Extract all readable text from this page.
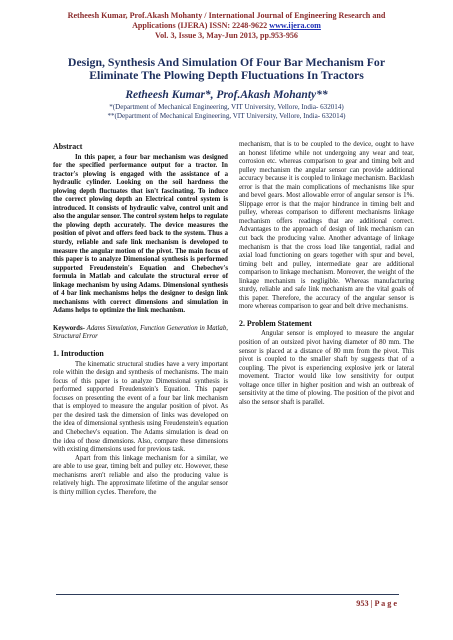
Retheesh Kumar, Prof.Akash Mohanty / International Journal of Engineering Research and
Applications (IJERA) ISSN: 2248-9622 www.ijera.com
Vol. 3, Issue 3, May-Jun 2013, pp.953-956
Design, Synthesis And Simulation Of Four Bar Mechanism For
Eliminate The Plowing Depth Fluctuations In Tractors
Retheesh Kumar*, Prof.Akash Mohanty**
*(Department of Mechanical Engineering, VIT University, Vellore, India- 632014)
**(Department of Mechanical Engineering, VIT University, Vellore, India- 632014)
Abstract

In this paper, a four bar mechanism was designed for the specified performance output for a tractor. In tractor's plowing is engaged with the assistance of a hydraulic cylinder. Looking on the soil hardness the plowing depth fluctuates that isn't fascinating. To induce the correct plowing depth an Electrical control system is introduced. It consists of hydraulic valve, control unit and also the angular sensor. The control system helps to regulate the plowing depth accurately. The device measures the position of pivot and offers feed back to the system. Thus a sturdy, reliable and safe link mechanism is developed to measure the angular motion of the pivot. The main focus of this paper is to analyze Dimensional synthesis is performed supported Freudenstein's Equation and Chebechev's formula in Matlab and calculate the structural error of linkage mechanism by using Adams. Dimensional synthesis of 4 bar link mechanisms helps the designer to design link mechanisms with correct dimensions and simulation in Adams helps to optimize the link mechanism.

Keywords- Adams Simulation, Function Generation in Matlab, Structural Error

1. Introduction

The kinematic structural studies have a very important role within the design and synthesis of mechanisms. The main focus of this paper is to analyze Dimensional synthesis is performed supported Freudenstein's Equation. This paper focuses on presenting the event of a four bar link mechanism that is employed to measure the angular position of pivot. As per the desired task the dimension of links was developed on the idea of dimensional synthesis using Freudenstein's equation and Chebechev's equation. The Adams simulation is dead on the idea of those dimensions. Also, compare these dimensions with existing dimensions used for previous task.

Apart from this linkage mechanism for a similar, we are able to use gear, timing belt and pulley etc. However, these mechanisms aren't reliable and also the producing value is relatively high. The approximate lifetime of the angular sensor is thirty million cycles. Therefore, the

mechanism, that is to be coupled to the device, ought to have an honest lifetime while not undergoing any wear and tear, corrosion etc. whereas comparison to gear and timing belt and pulley mechanism the angular sensor can provide additional accuracy because it is coupled to linkage mechanism. Backlash error is that the main complications of mechanisms like spur and bevel gears. Most allowable error of angular sensor is 1%. Slippage error is that the major hindrance in timing belt and pulley, whereas comparison to different mechanisms linkage mechanism offers readings that are additional correct. Advantages to the approach of design of link mechanism can cut back the producing value. Another advantage of linkage mechanism is that the cross load like tangential, radial and axial load functioning on gears together with spur and bevel, timing belt and pulley, intermediate gear are additional comparison to linkage mechanism. Moreover, the weight of the linkage mechanism is negligible. Whereas manufacturing sturdy, reliable and safe link mechanism are the vital goals of this paper. Therefore, the accuracy of the angular sensor is more whereas comparison to gear and belt drive mechanisms.

2. Problem Statement

Angular sensor is employed to measure the angular position of an outsized pivot having diameter of 80 mm. The sensor is placed at a distance of 80 mm from the pivot. This pivot is coupled to the smaller shaft by suggests that of a coupling. The pivot is experiencing explosive jerk or lateral movement. Tractor would like low sensitivity for output voltage once tiller in higher position and wish an outbreak of sensitivity at the time of plowing. The position of the pivot and also the sensor shaft is parallel.

953 | P a g e
